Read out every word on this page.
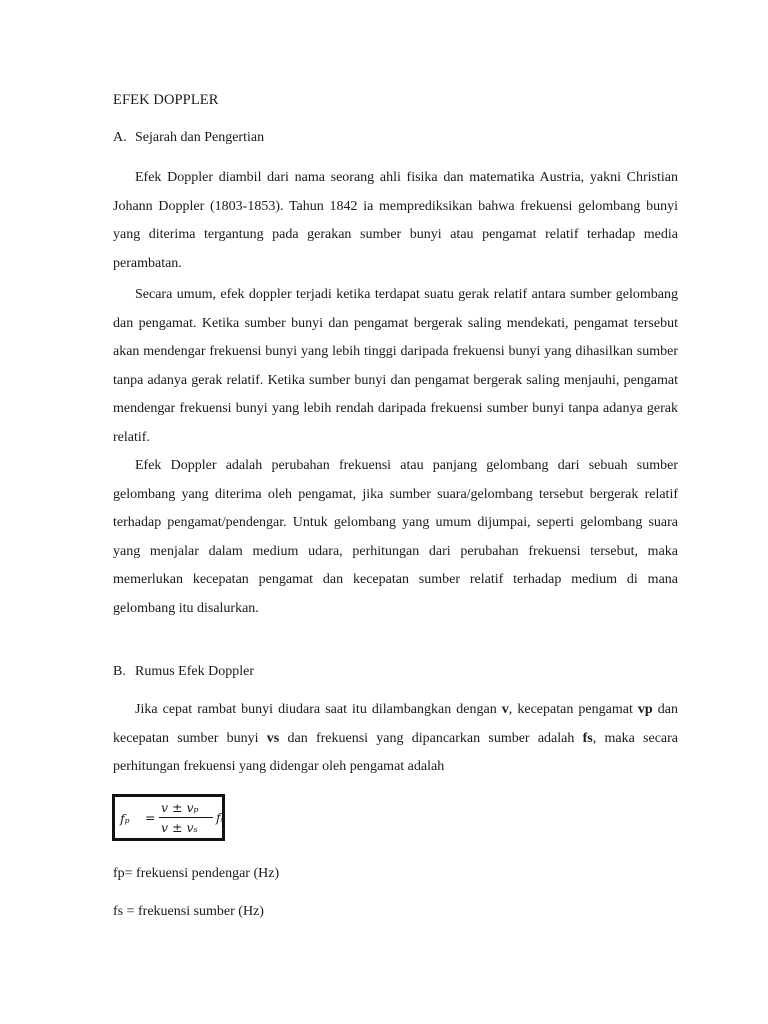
EFEK DOPPLER
A. Sejarah dan Pengertian
Efek Doppler diambil dari nama seorang ahli fisika dan matematika Austria, yakni Christian Johann Doppler (1803-1853). Tahun 1842 ia memprediksikan bahwa frekuensi gelombang bunyi yang diterima tergantung pada gerakan sumber bunyi atau pengamat relatif terhadap media perambatan.
Secara umum, efek doppler terjadi ketika terdapat suatu gerak relatif antara sumber gelombang dan pengamat. Ketika sumber bunyi dan pengamat bergerak saling mendekati, pengamat tersebut akan mendengar frekuensi bunyi yang lebih tinggi daripada frekuensi bunyi yang dihasilkan sumber tanpa adanya gerak relatif. Ketika sumber bunyi dan pengamat bergerak saling menjauhi, pengamat mendengar frekuensi bunyi yang lebih rendah daripada frekuensi sumber bunyi tanpa adanya gerak relatif.
Efek Doppler adalah perubahan frekuensi atau panjang gelombang dari sebuah sumber gelombang yang diterima oleh pengamat, jika sumber suara/gelombang tersebut bergerak relatif terhadap pengamat/pendengar. Untuk gelombang yang umum dijumpai, seperti gelombang suara yang menjalar dalam medium udara, perhitungan dari perubahan frekuensi tersebut, maka memerlukan kecepatan pengamat dan kecepatan sumber relatif terhadap medium di mana gelombang itu disalurkan.
B. Rumus Efek Doppler
Jika cepat rambat bunyi diudara saat itu dilambangkan dengan v, kecepatan pengamat vp dan kecepatan sumber bunyi vs dan frekuensi yang dipancarkan sumber adalah fs, maka secara perhitungan frekuensi yang didengar oleh pengamat adalah
fₚ =
v ± vₚ
v ± vₛ
fₛ
fp= frekuensi pendengar (Hz)
fs = frekuensi sumber (Hz)
